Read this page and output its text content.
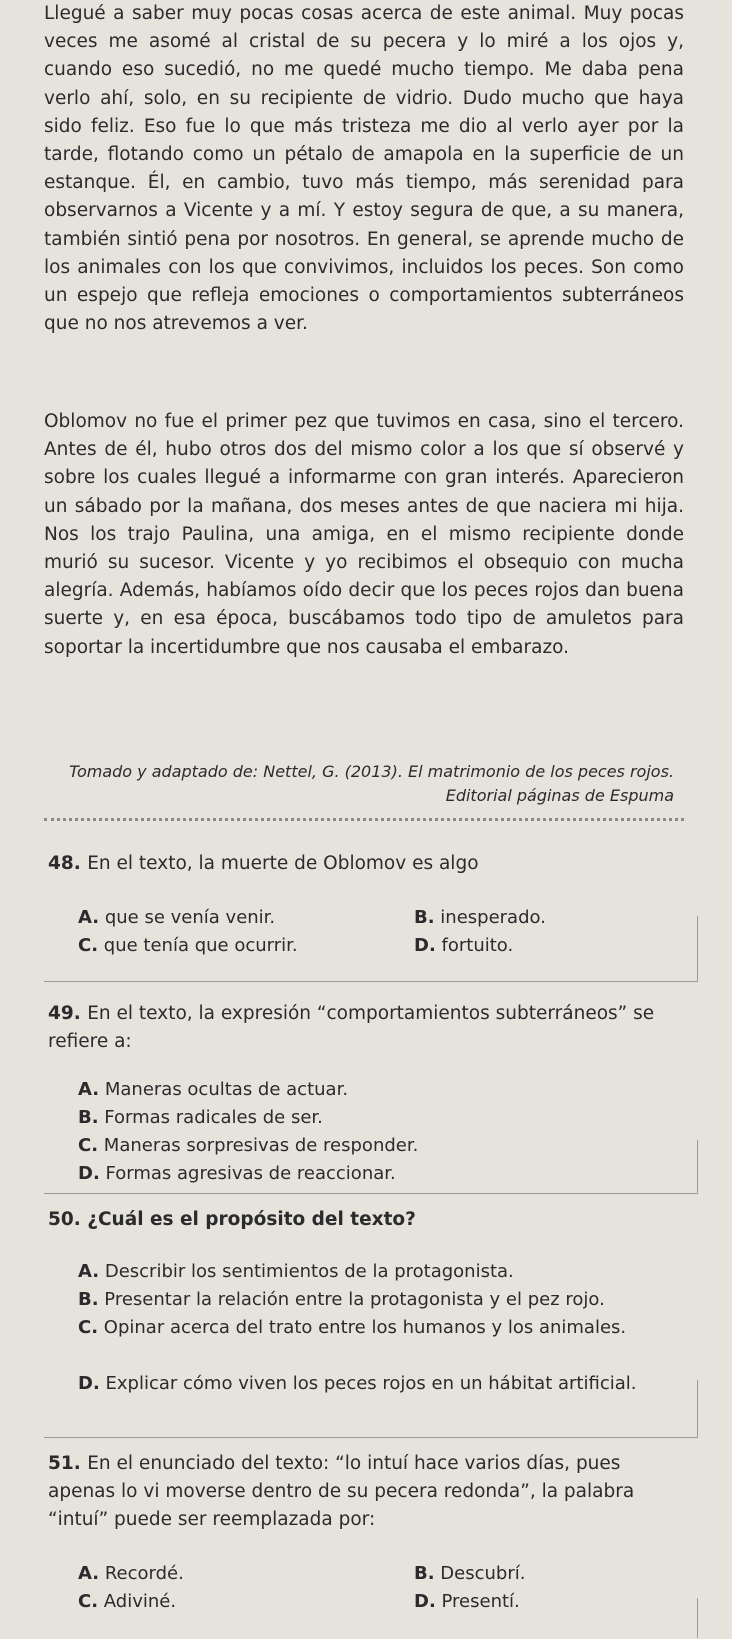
Llegué a saber muy pocas cosas acerca de este animal. Muy pocas veces me asomé al cristal de su pecera y lo miré a los ojos y, cuando eso sucedió, no me quedé mucho tiempo. Me daba pena verlo ahí, solo, en su recipiente de vidrio. Dudo mucho que haya sido feliz. Eso fue lo que más tristeza me dio al verlo ayer por la tarde, flotando como un pétalo de amapola en la superficie de un estanque. Él, en cambio, tuvo más tiempo, más serenidad para observarnos a Vicente y a mí. Y estoy segura de que, a su manera, también sintió pena por nosotros. En general, se aprende mucho de los animales con los que convivimos, incluidos los peces. Son como un espejo que refleja emociones o comportamientos subterráneos que no nos atrevemos a ver.

Oblomov no fue el primer pez que tuvimos en casa, sino el tercero. Antes de él, hubo otros dos del mismo color a los que sí observé y sobre los cuales llegué a informarme con gran interés. Aparecieron un sábado por la mañana, dos meses antes de que naciera mi hija. Nos los trajo Paulina, una amiga, en el mismo recipiente donde murió su sucesor. Vicente y yo recibimos el obsequio con mucha alegría. Además, habíamos oído decir que los peces rojos dan buena suerte y, en esa época, buscábamos todo tipo de amuletos para soportar la incertidumbre que nos causaba el embarazo.

Tomado y adaptado de: Nettel, G. (2013). El matrimonio de los peces rojos. Editorial páginas de Espuma

48. En el texto, la muerte de Oblomov es algo

A. que se venía venir.	B. inesperado.

C. que tenía que ocurrir.	D. fortuito.

49. En el texto, la expresión “comportamientos subterráneos” se refiere a:

A. Maneras ocultas de actuar.

B. Formas radicales de ser.

C. Maneras sorpresivas de responder.

D. Formas agresivas de reaccionar.

50. ¿Cuál es el propósito del texto?

A. Describir los sentimientos de la protagonista.

B. Presentar la relación entre la protagonista y el pez rojo.

C. Opinar acerca del trato entre los humanos y los animales.

D. Explicar cómo viven los peces rojos en un hábitat artificial.

51. En el enunciado del texto: “lo intuí hace varios días, pues apenas lo vi moverse dentro de su pecera redonda”, la palabra “intuí” puede ser reemplazada por:

A. Recordé.	B. Descubrí.

C. Adiviné.	D. Presentí.
